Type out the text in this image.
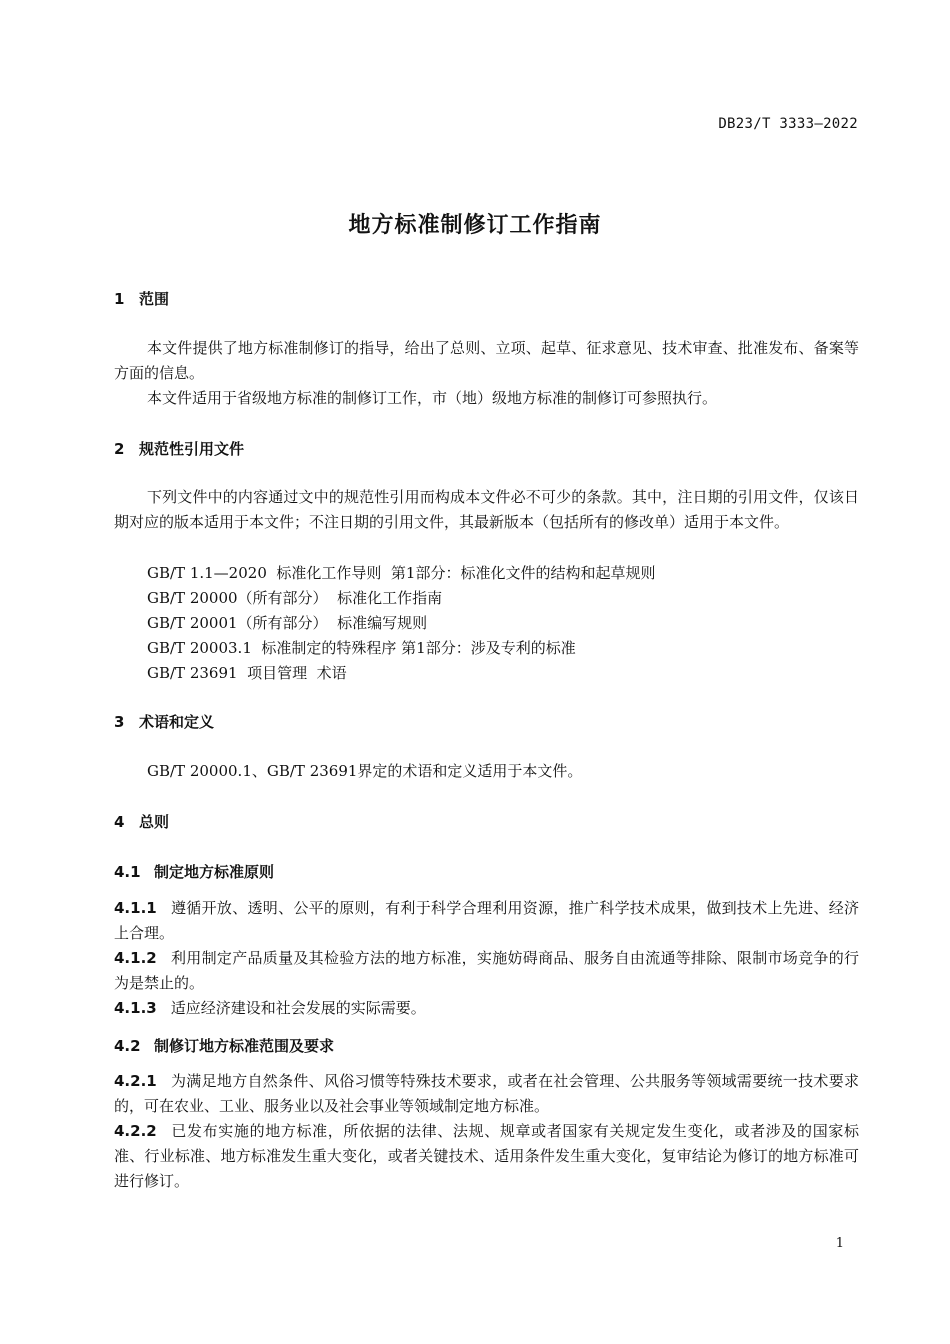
DB23/T 3333—2022
地方标准制修订工作指南
1 范围
本文件提供了地方标准制修订的指导，给出了总则、立项、起草、征求意见、技术审查、批准发布、备案等方面的信息。
本文件适用于省级地方标准的制修订工作，市（地）级地方标准的制修订可参照执行。
2 规范性引用文件
下列文件中的内容通过文中的规范性引用而构成本文件必不可少的条款。其中，注日期的引用文件，仅该日期对应的版本适用于本文件；不注日期的引用文件，其最新版本（包括所有的修改单）适用于本文件。
GB/T 1.1—2020  标准化工作导则  第1部分：标准化文件的结构和起草规则
GB/T 20000（所有部分）  标准化工作指南
GB/T 20001（所有部分）  标准编写规则
GB/T 20003.1  标准制定的特殊程序 第1部分：涉及专利的标准
GB/T 23691  项目管理  术语
3 术语和定义
GB/T 20000.1、GB/T 23691界定的术语和定义适用于本文件。
4 总则
4.1 制定地方标准原则
4.1.1 遵循开放、透明、公平的原则，有利于科学合理利用资源，推广科学技术成果，做到技术上先进、经济上合理。
4.1.2 利用制定产品质量及其检验方法的地方标准，实施妨碍商品、服务自由流通等排除、限制市场竞争的行为是禁止的。
4.1.3 适应经济建设和社会发展的实际需要。
4.2 制修订地方标准范围及要求
4.2.1 为满足地方自然条件、风俗习惯等特殊技术要求，或者在社会管理、公共服务等领域需要统一技术要求的，可在农业、工业、服务业以及社会事业等领域制定地方标准。
4.2.2 已发布实施的地方标准，所依据的法律、法规、规章或者国家有关规定发生变化，或者涉及的国家标准、行业标准、地方标准发生重大变化，或者关键技术、适用条件发生重大变化，复审结论为修订的地方标准可进行修订。
1
